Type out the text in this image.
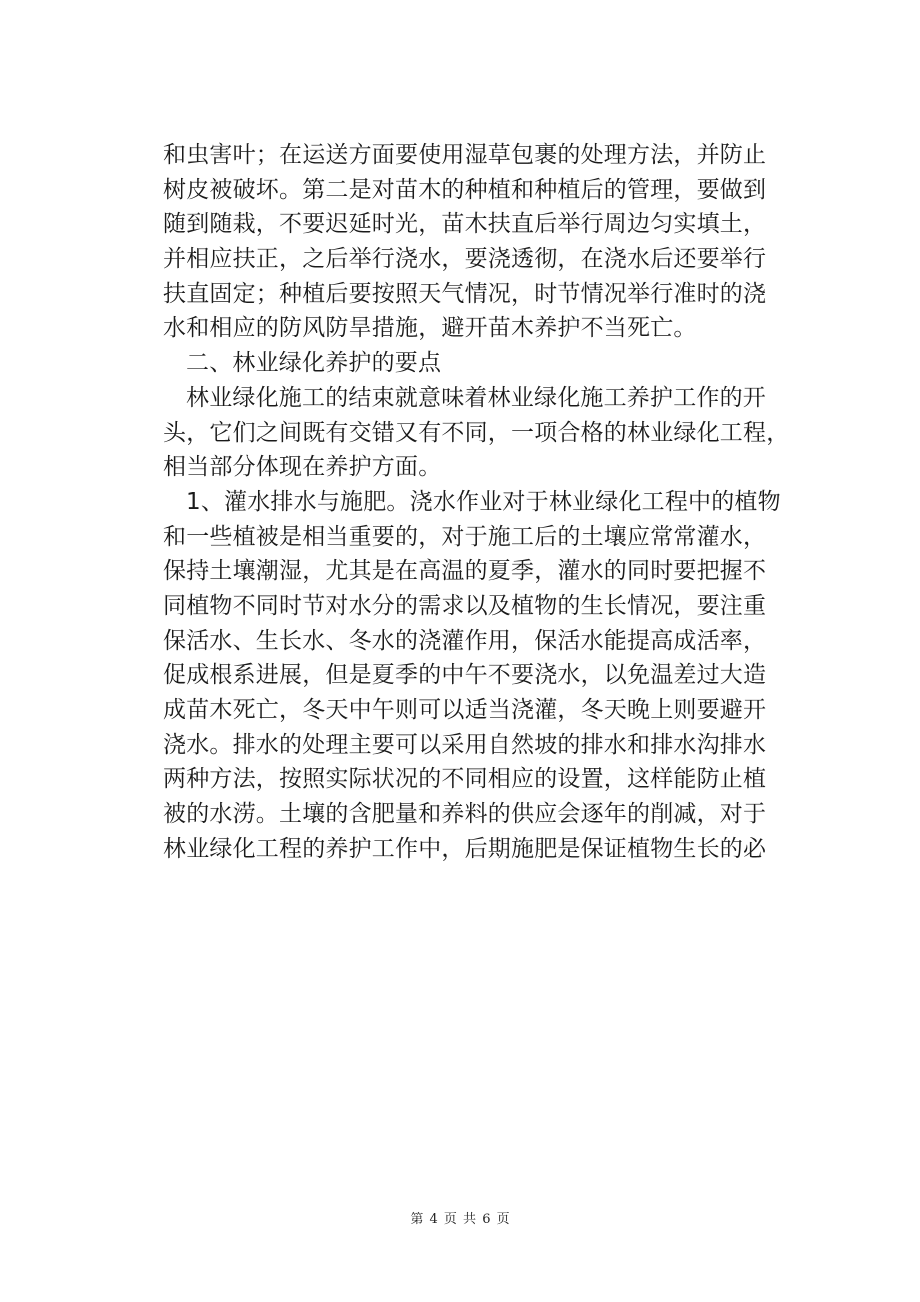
和虫害叶；在运送方面要使用湿草包裹的处理方法，并防止
树皮被破坏。第二是对苗木的种植和种植后的管理，要做到
随到随栽，不要迟延时光，苗木扶直后举行周边匀实填土，
并相应扶正，之后举行浇水，要浇透彻，在浇水后还要举行
扶直固定；种植后要按照天气情况，时节情况举行准时的浇
水和相应的防风防旱措施，避开苗木养护不当死亡。
二、林业绿化养护的要点
林业绿化施工的结束就意味着林业绿化施工养护工作的开
头，它们之间既有交错又有不同，一项合格的林业绿化工程，
相当部分体现在养护方面。
1、灌水排水与施肥。浇水作业对于林业绿化工程中的植物
和一些植被是相当重要的，对于施工后的土壤应常常灌水，
保持土壤潮湿，尤其是在高温的夏季，灌水的同时要把握不
同植物不同时节对水分的需求以及植物的生长情况，要注重
保活水、生长水、冬水的浇灌作用，保活水能提高成活率，
促成根系进展，但是夏季的中午不要浇水，以免温差过大造
成苗木死亡，冬天中午则可以适当浇灌，冬天晚上则要避开
浇水。排水的处理主要可以采用自然坡的排水和排水沟排水
两种方法，按照实际状况的不同相应的设置，这样能防止植
被的水涝。土壤的含肥量和养料的供应会逐年的削减，对于
林业绿化工程的养护工作中，后期施肥是保证植物生长的必
第 4 页 共 6 页
